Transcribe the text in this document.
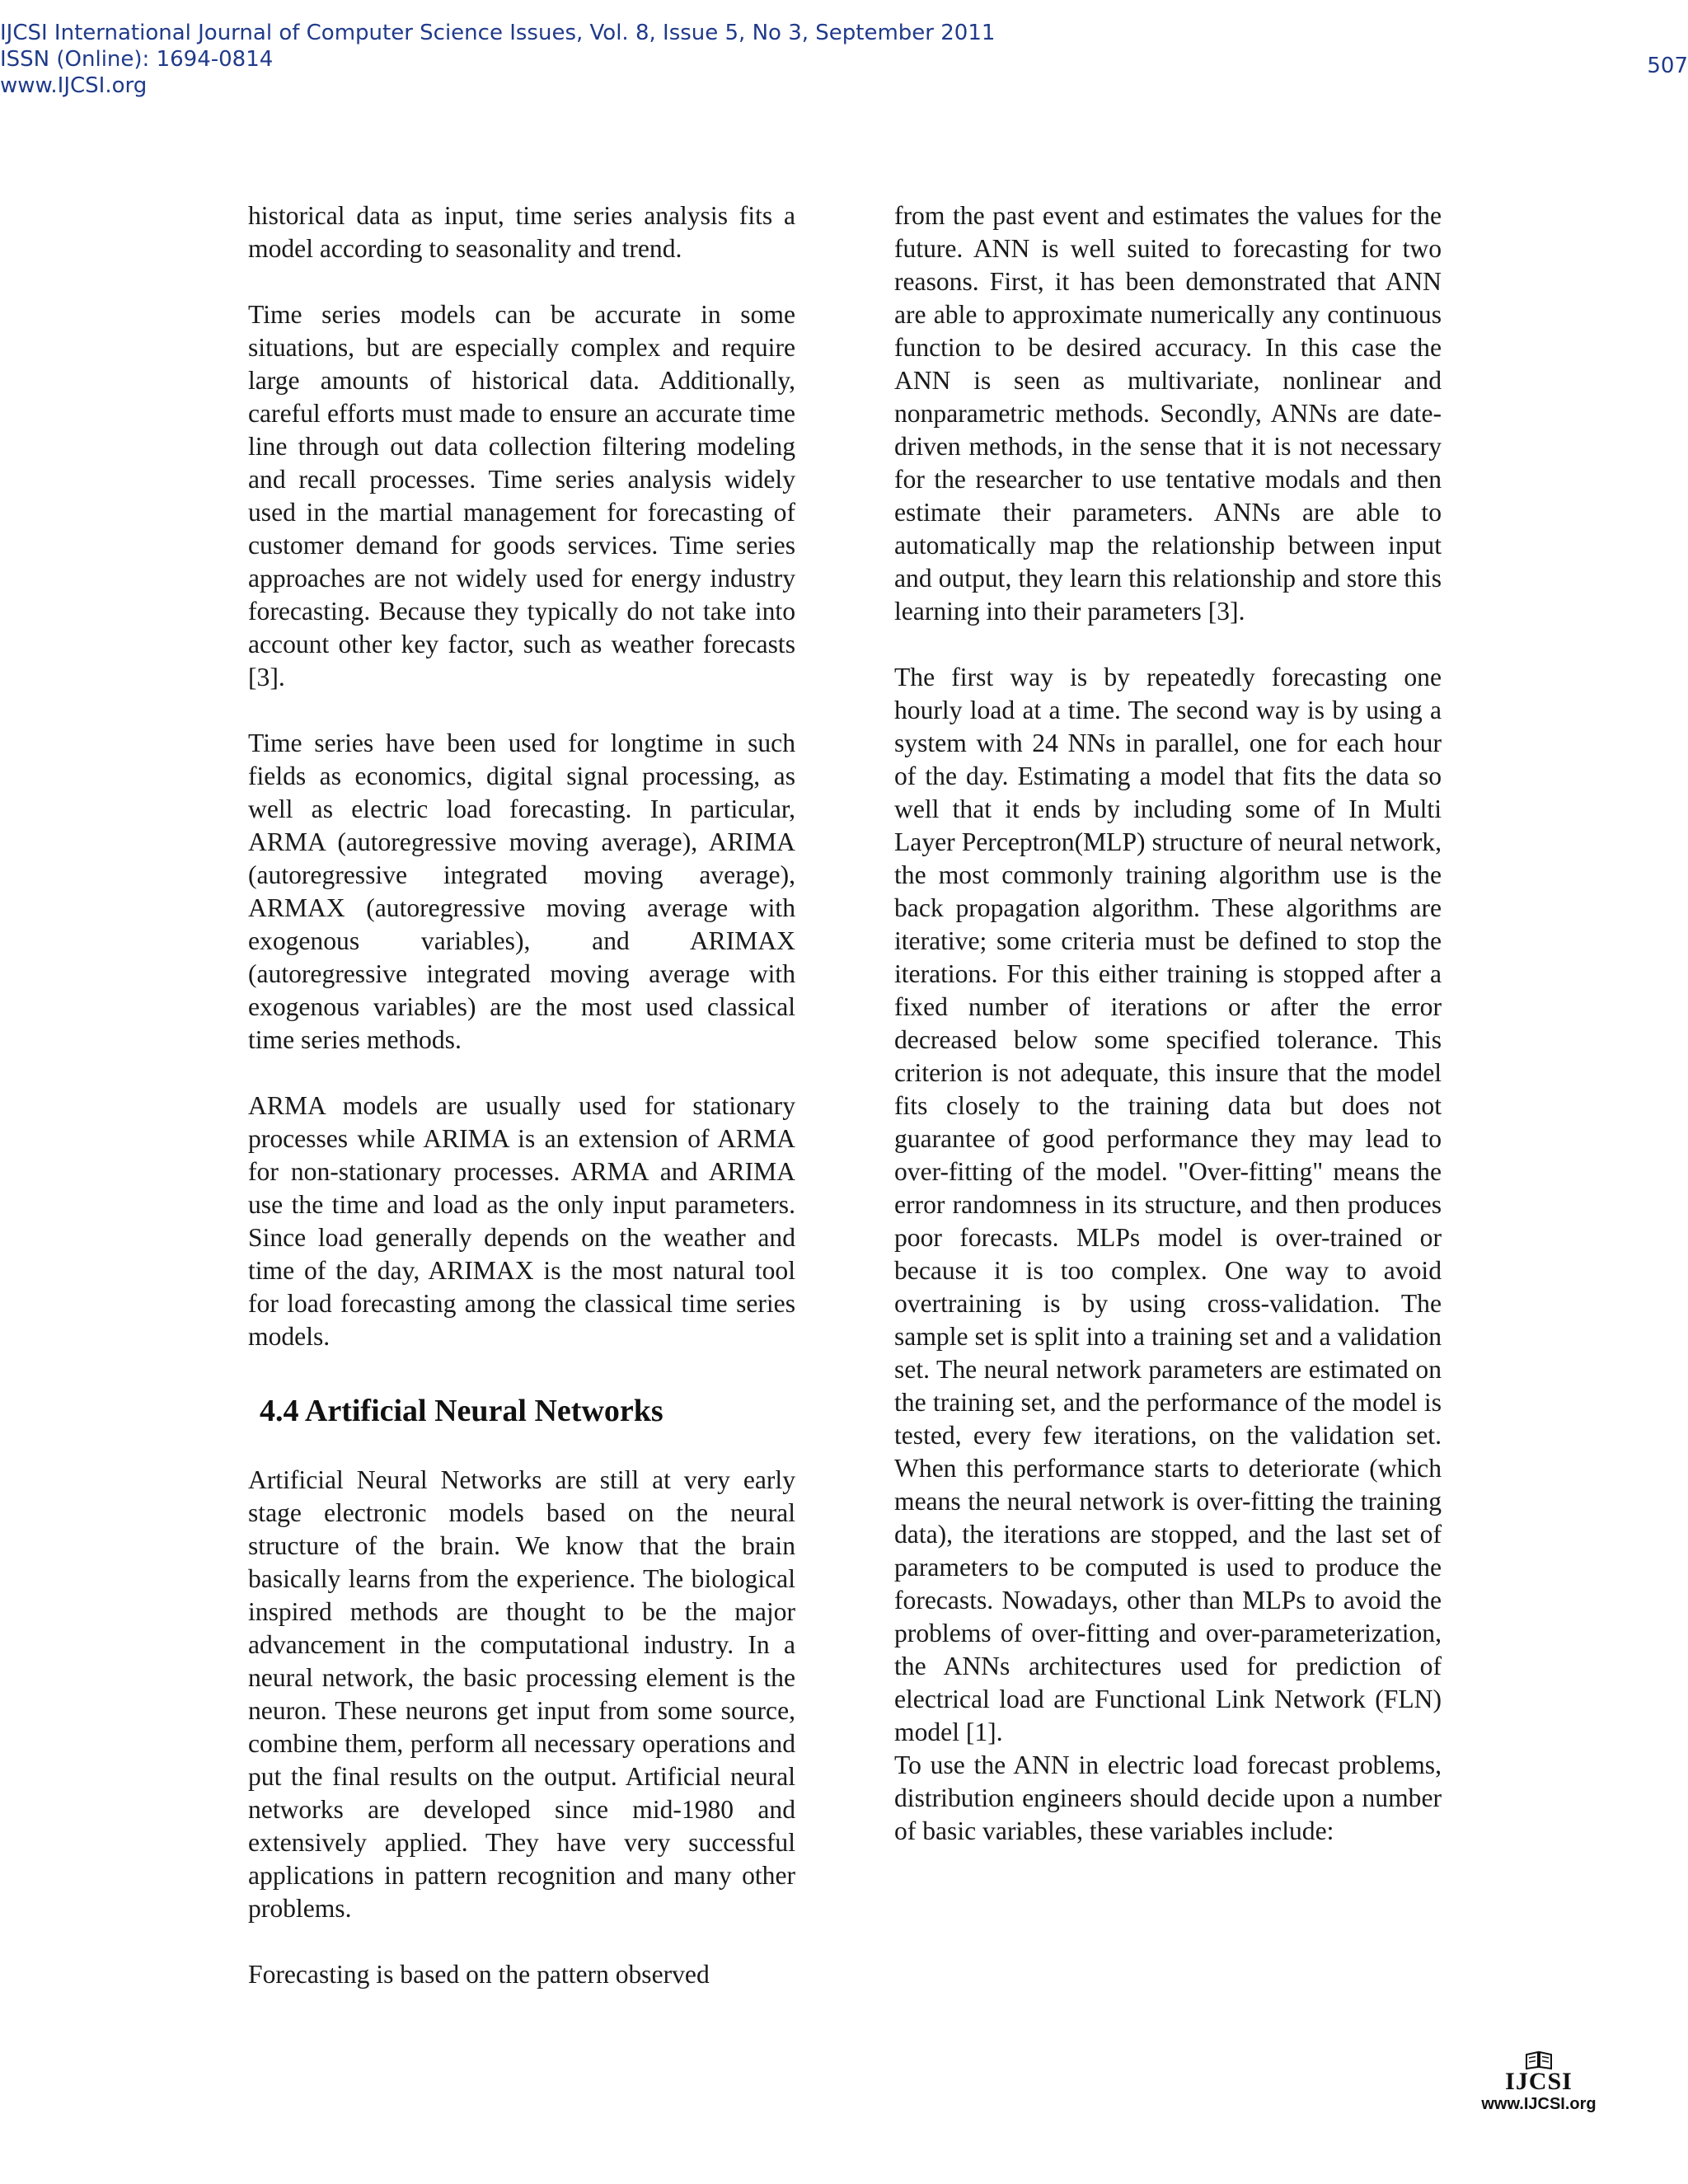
IJCSI International Journal of Computer Science Issues, Vol. 8, Issue 5, No 3, September 2011
ISSN (Online): 1694-0814
www.IJCSI.org
507

historical data as input, time series analysis fits a model according to seasonality and trend.

Time series models can be accurate in some situations, but are especially complex and require large amounts of historical data. Additionally, careful efforts must made to ensure an accurate time line through out data collection filtering modeling and recall processes. Time series analysis widely used in the martial management for forecasting of customer demand for goods services. Time series approaches are not widely used for energy industry forecasting. Because they typically do not take into account other key factor, such as weather forecasts [3].

Time series have been used for longtime in such fields as economics, digital signal processing, as well as electric load forecasting. In particular, ARMA (autoregressive moving average), ARIMA (autoregressive integrated moving average), ARMAX (autoregressive moving average with exogenous variables), and ARIMAX (autoregressive integrated moving average with exogenous variables) are the most used classical time series methods.

ARMA models are usually used for stationary processes while ARIMA is an extension of ARMA for non-stationary processes. ARMA and ARIMA use the time and load as the only input parameters. Since load generally depends on the weather and time of the day, ARIMAX is the most natural tool for load forecasting among the classical time series models.

4.4 Artificial Neural Networks

Artificial Neural Networks are still at very early stage electronic models based on the neural structure of the brain. We know that the brain basically learns from the experience. The biological inspired methods are thought to be the major advancement in the computational industry. In a neural network, the basic processing element is the neuron. These neurons get input from some source, combine them, perform all necessary operations and put the final results on the output. Artificial neural networks are developed since mid-1980 and extensively applied. They have very successful applications in pattern recognition and many other problems.

Forecasting is based on the pattern observed

from the past event and estimates the values for the future. ANN is well suited to forecasting for two reasons. First, it has been demonstrated that ANN are able to approximate numerically any continuous function to be desired accuracy. In this case the ANN is seen as multivariate, nonlinear and nonparametric methods. Secondly, ANNs are date-driven methods, in the sense that it is not necessary for the researcher to use tentative modals and then estimate their parameters. ANNs are able to automatically map the relationship between input and output, they learn this relationship and store this learning into their parameters [3].

The first way is by repeatedly forecasting one hourly load at a time. The second way is by using a system with 24 NNs in parallel, one for each hour of the day. Estimating a model that fits the data so well that it ends by including some of In Multi Layer Perceptron(MLP) structure of neural network, the most commonly training algorithm use is the back propagation algorithm. These algorithms are iterative; some criteria must be defined to stop the iterations. For this either training is stopped after a fixed number of iterations or after the error decreased below some specified tolerance. This criterion is not adequate, this insure that the model fits closely to the training data but does not guarantee of good performance they may lead to over-fitting of the model. "Over-fitting" means the error randomness in its structure, and then produces poor forecasts. MLPs model is over-trained or because it is too complex. One way to avoid overtraining is by using cross-validation. The sample set is split into a training set and a validation set. The neural network parameters are estimated on the training set, and the performance of the model is tested, every few iterations, on the validation set. When this performance starts to deteriorate (which means the neural network is over-fitting the training data), the iterations are stopped, and the last set of parameters to be computed is used to produce the forecasts. Nowadays, other than MLPs to avoid the problems of over-fitting and over-parameterization, the ANNs architectures used for prediction of electrical load are Functional Link Network (FLN) model [1].

To use the ANN in electric load forecast problems, distribution engineers should decide upon a number of basic variables, these variables include:

IJCSI
www.IJCSI.org
